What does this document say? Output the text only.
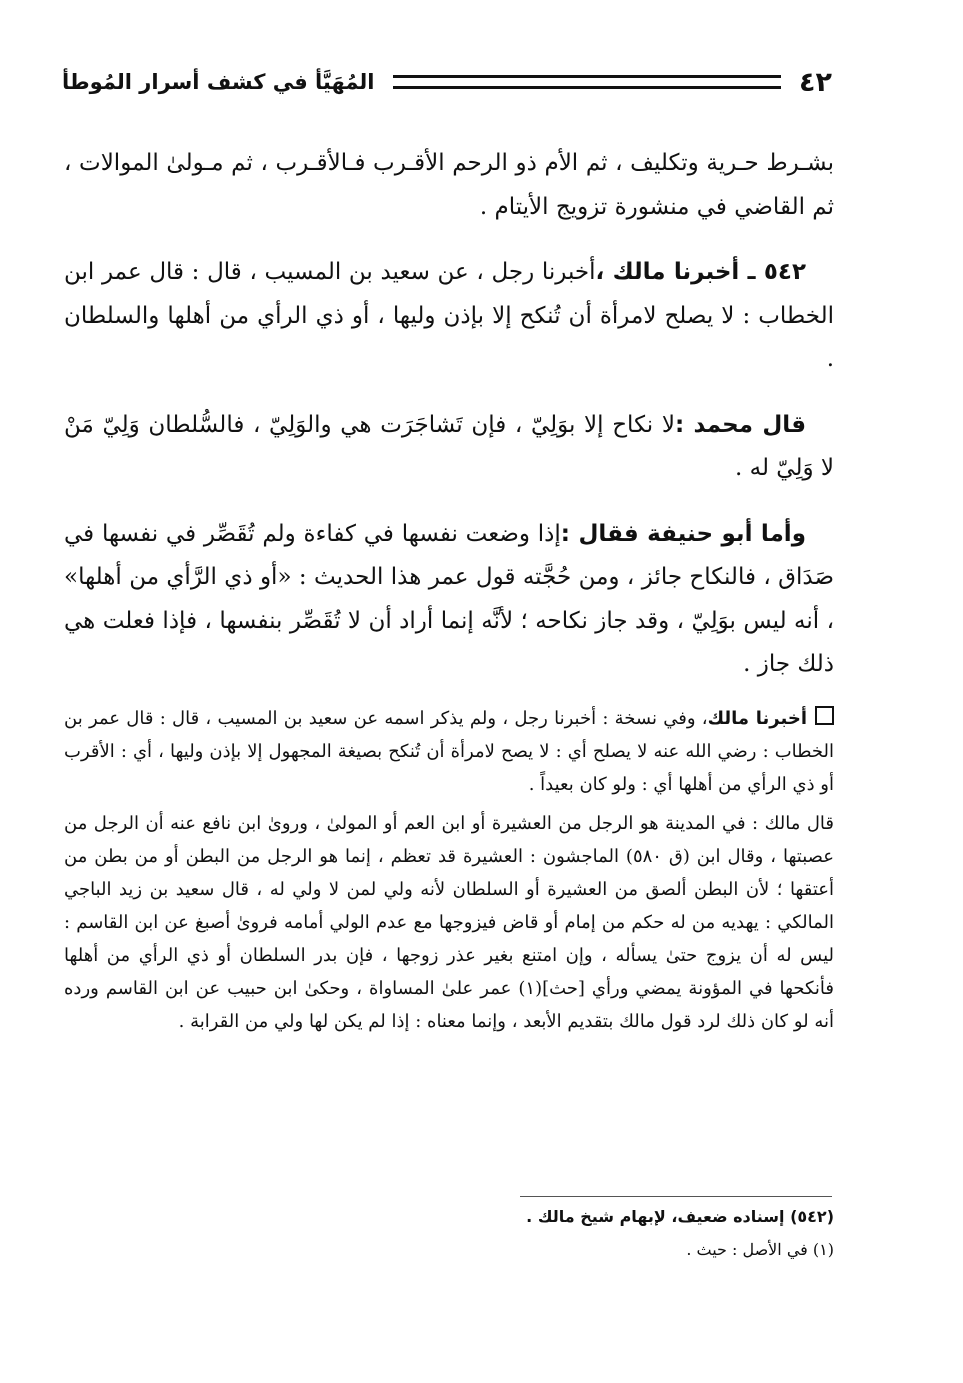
٤٢
المُهَيَّأ في كشف أسرار المُوطأ

بشـرط حـرية وتكليف ، ثم الأم ذو الرحم الأقـرب فـالأقـرب ، ثم مـولىٰ الموالات ، ثم القاضي في منشورة تزويج الأيتام .

٥٤٢ ـ أخبرنا مالك ،أخبرنا رجل ، عن سعيد بن المسيب ، قال : قال عمر ابن الخطاب : لا يصلح لامرأة أن تُنكح إلا بإذن وليها ، أو ذي الرأي من أهلها والسلطان .

قال محمد :لا نكاح إلا بوَلِيّ ، فإن تَشاجَرَت هي والوَلِيّ ، فالسُّلطان وَلِيّ مَنْ لا وَلِيّ له .

وأما أبو حنيفة فقال :إذا وضعت نفسها في كفاءة ولم تُقَصِّر في نفسها في صَدَاق ، فالنكاح جائز ، ومن حُجَّته قول عمر هذا الحديث : «أو ذي الرَّأي من أهلها» ، أنه ليس بوَلِيّ ، وقد جاز نكاحه ؛ لأنَّه إنما أراد أن لا تُقَصِّر بنفسها ، فإذا فعلت هي ذلك جاز .

أخبرنا مالك، وفي نسخة : أخبرنا رجل ، ولم يذكر اسمه عن سعيد بن المسيب ، قال : قال عمر بن الخطاب : رضي الله عنه لا يصلح أي : لا يصح لامرأة أن تُنكح بصيغة المجهول إلا بإذن وليها ، أي : الأقرب أو ذي الرأي من أهلها أي : ولو كان بعيداً .

قال مالك : في المدينة هو الرجل من العشيرة أو ابن العم أو المولىٰ ، وروىٰ ابن نافع عنه أن الرجل من عصبتها ، وقال ابن (ق ٥٨٠) الماجشون : العشيرة قد تعظم ، إنما هو الرجل من البطن أو من بطن من أعتقها ؛ لأن البطن ألصق من العشيرة أو السلطان لأنه ولي لمن لا ولي له ، قال سعيد بن زيد الباجي المالكي : يهديه من له حكم من إمام أو قاض فيزوجها مع عدم الولي أمامه فروىٰ أصبغ عن ابن القاسم : ليس له أن يزوج حتىٰ يسأله ، وإن امتنع بغير عذر زوجها ، فإن بدر السلطان أو ذي الرأي من أهلها فأنكحها في المؤونة يمضي ورأي [حث](١) عمر علىٰ المساواة ، وحكىٰ ابن حبيب عن ابن القاسم ورده أنه لو كان ذلك لرد قول مالك بتقديم الأبعد ، وإنما معناه : إذا لم يكن لها ولي من القرابة .

(٥٤٢) إسناده ضعيف، لإبهام شيخ مالك .

(١) في الأصل : حيث .
